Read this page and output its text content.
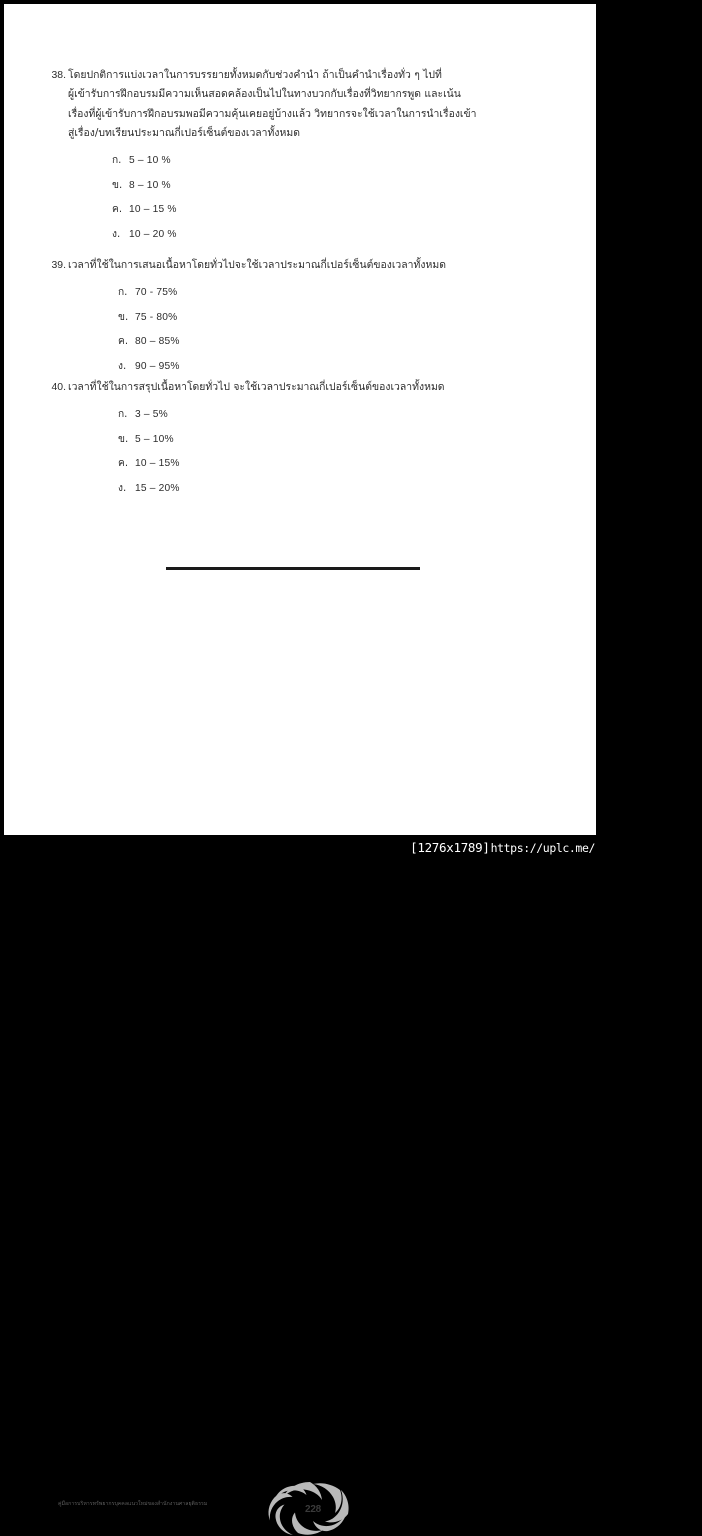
38. โดยปกติการแบ่งเวลาในการบรรยายทั้งหมดกับช่วงคำนำ ถ้าเป็นคำนำเรื่องทั่ว ๆ ไปที่
ผู้เข้ารับการฝึกอบรมมีความเห็นสอดคล้องเป็นไปในทางบวกกับเรื่องที่วิทยากรพูด และเน้น
เรื่องที่ผู้เข้ารับการฝึกอบรมพอมีความคุ้นเคยอยู่บ้างแล้ว วิทยากรจะใช้เวลาในการนำเรื่องเข้า
สู่เรื่อง/บทเรียนประมาณกี่เปอร์เซ็นต์ของเวลาทั้งหมด
ก. 5 – 10 %
ข. 8 – 10 %
ค. 10 – 15 %
ง. 10 – 20 %
39. เวลาที่ใช้ในการเสนอเนื้อหาโดยทั่วไปจะใช้เวลาประมาณกี่เปอร์เซ็นต์ของเวลาทั้งหมด
ก. 70 - 75%
ข. 75 - 80%
ค. 80 – 85%
ง. 90 – 95%
40. เวลาที่ใช้ในการสรุปเนื้อหาโดยทั่วไป จะใช้เวลาประมาณกี่เปอร์เซ็นต์ของเวลาทั้งหมด
ก. 3 – 5%
ข. 5 – 10%
ค. 10 – 15%
ง. 15 – 20%
คู่มือการบริหารทรัพยากรบุคคลแนวใหม่ของสำนักงานศาลยุติธรรม	228
[1276x1789] https://uplc.me/
